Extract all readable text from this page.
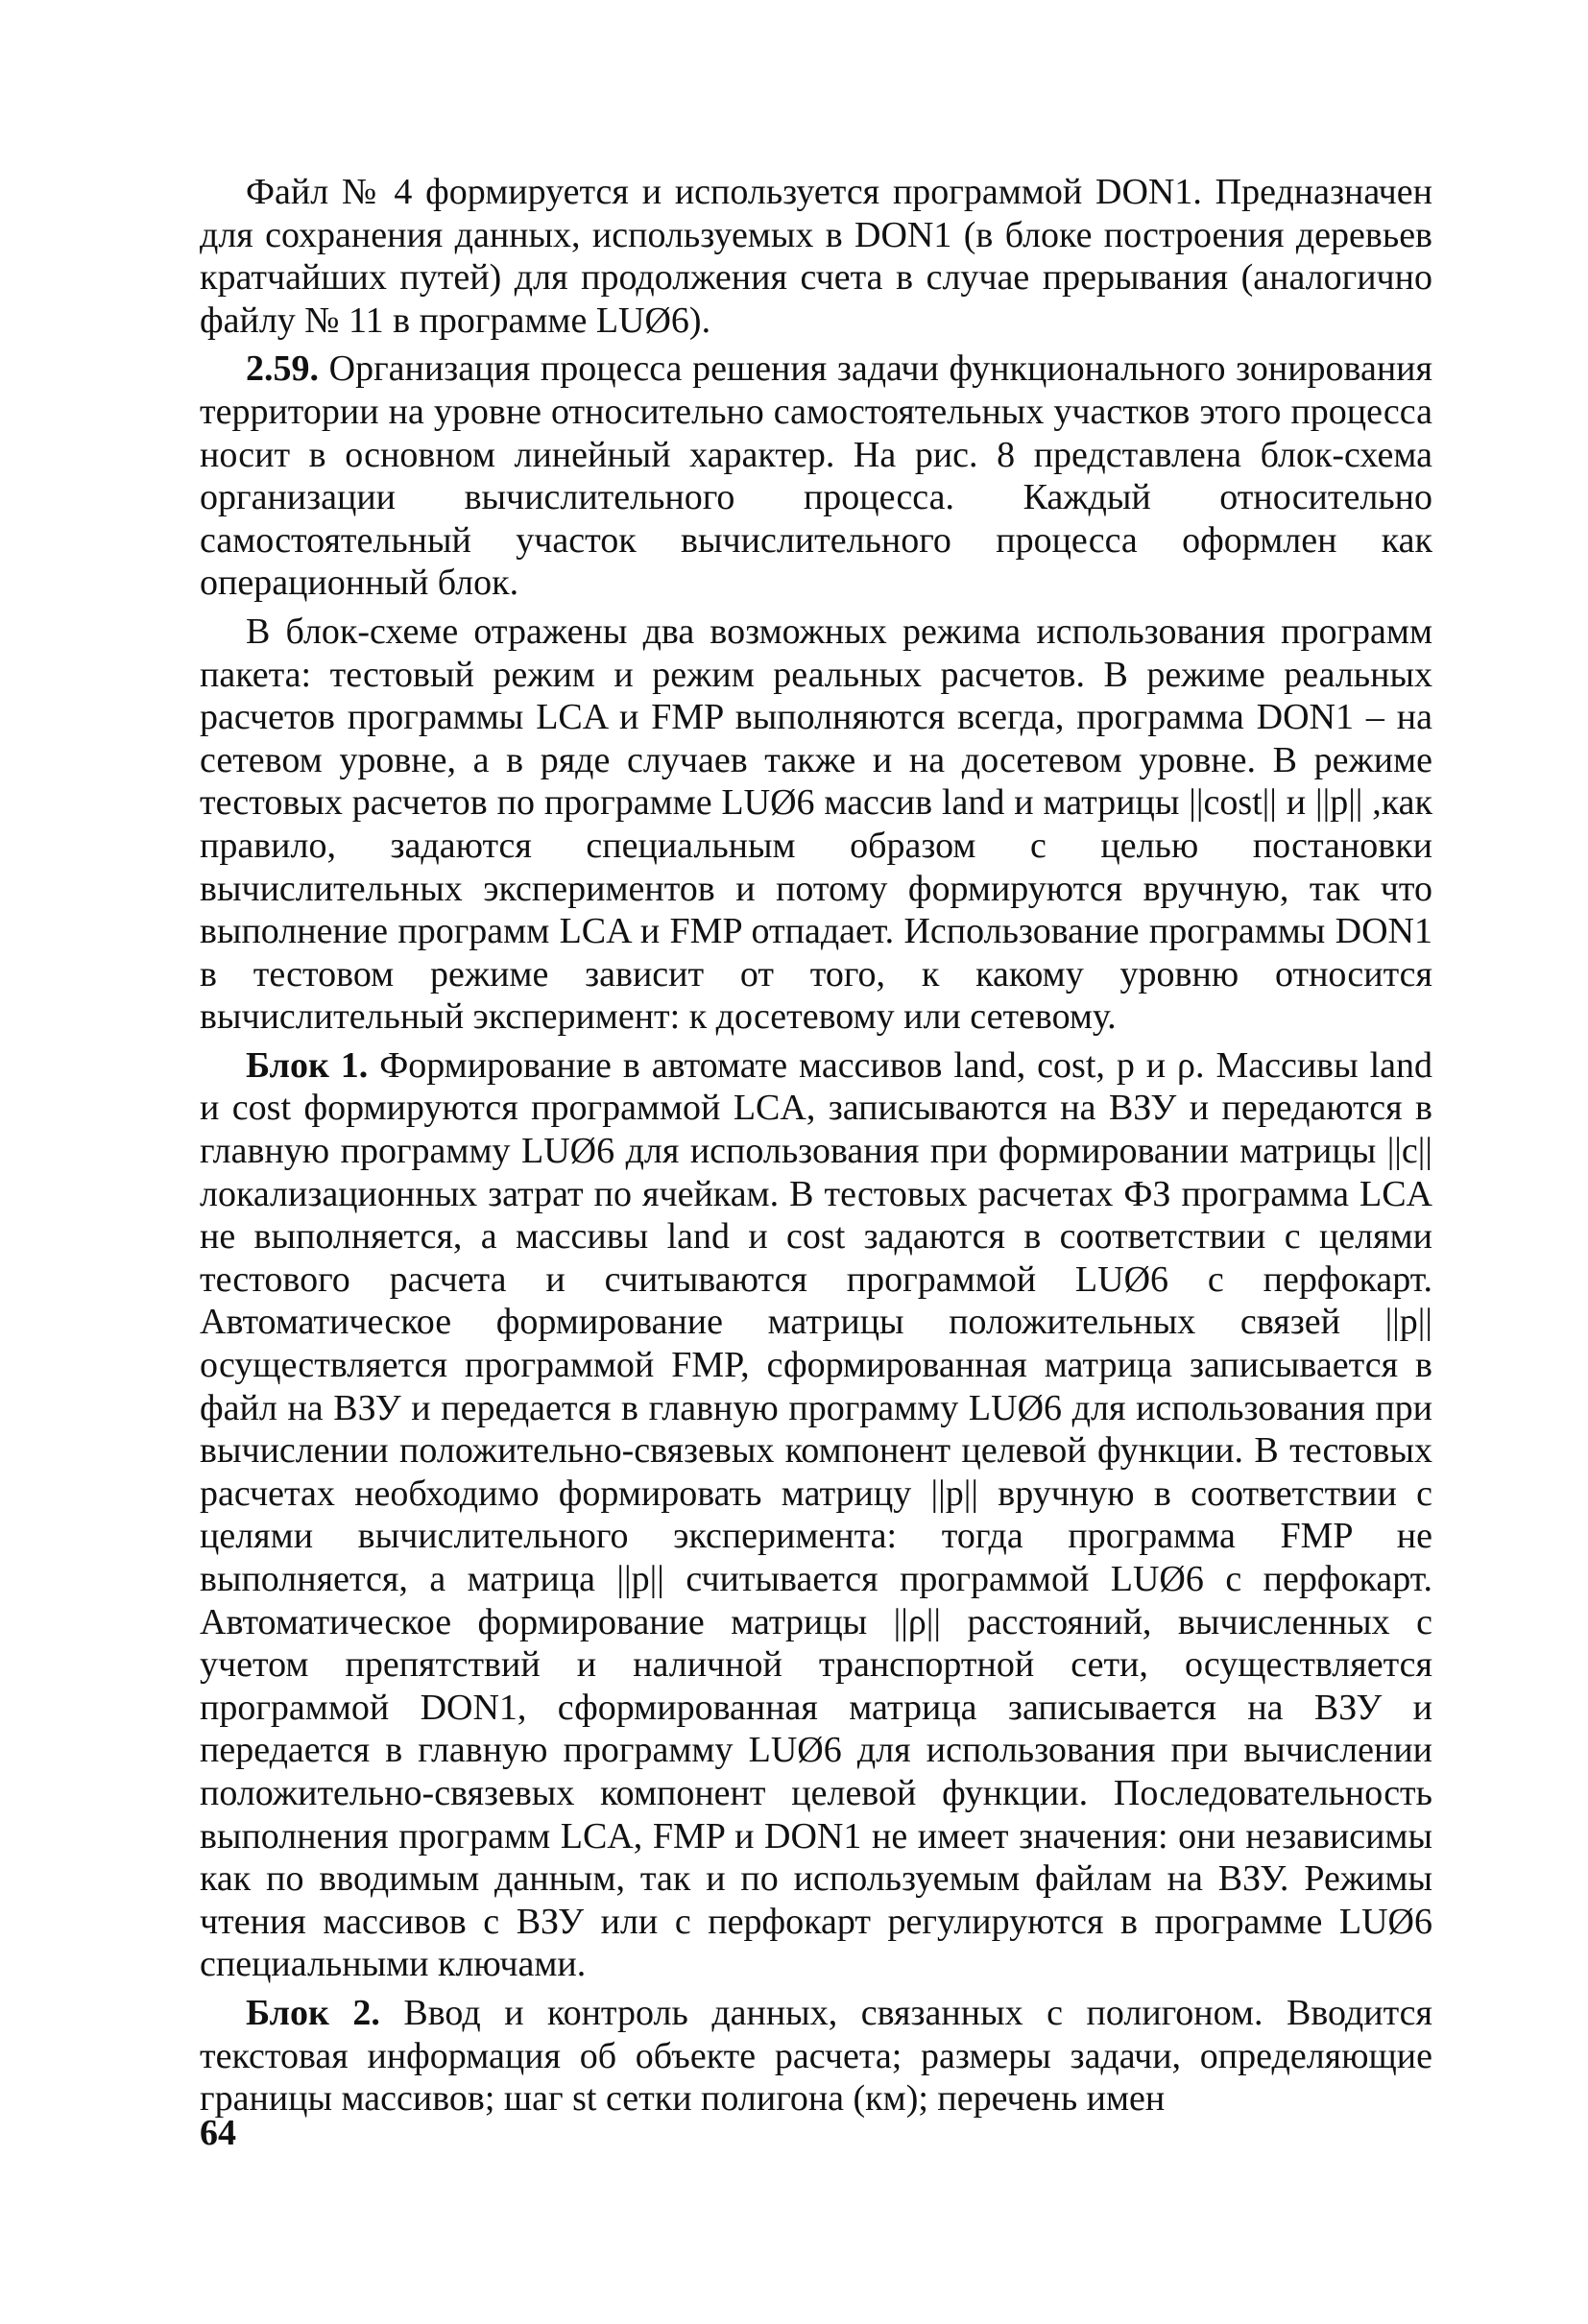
Файл № 4 формируется и используется программой DON1. Предназначен для сохранения данных, используемых в DON1 (в блоке построения деревьев кратчайших путей) для продолжения счета в случае прерывания (аналогично файлу № 11 в программе LUØ6).

2.59. Организация процесса решения задачи функционального зонирования территории на уровне относительно самостоятельных участков этого процесса носит в основном линейный характер. На рис. 8 представлена блок-схема организации вычислительного процесса. Каждый относительно самостоятельный участок вычислительного процесса оформлен как операционный блок.

В блок-схеме отражены два возможных режима использования программ пакета: тестовый режим и режим реальных расчетов. В режиме реальных расчетов программы LCA и FMP выполняются всегда, программа DON1 – на сетевом уровне, а в ряде случаев также и на досетевом уровне. В режиме тестовых расчетов по программе LUØ6 массив land и матрицы ||cost|| и ||p|| ,как правило, задаются специальным образом с целью постановки вычислительных экспериментов и потому формируются вручную, так что выполнение программ LCA и FMP отпадает. Использование программы DON1 в тестовом режиме зависит от того, к какому уровню относится вычислительный эксперимент: к досетевому или сетевому.

Блок 1. Формирование в автомате массивов land, cost, p и ρ. Массивы land и cost формируются программой LCA, записываются на ВЗУ и передаются в главную программу LUØ6 для использования при формировании матрицы ||c|| локализационных затрат по ячейкам. В тестовых расчетах ФЗ программа LCA не выполняется, а массивы land и cost задаются в соответствии с целями тестового расчета и считываются программой LUØ6 с перфокарт. Автоматическое формирование матрицы положительных связей ||p|| осуществляется программой FMP, сформированная матрица записывается в файл на ВЗУ и передается в главную программу LUØ6 для использования при вычислении положительно-связевых компонент целевой функции. В тестовых расчетах необходимо формировать матрицу ||p|| вручную в соответствии с целями вычислительного эксперимента: тогда программа FMP не выполняется, а матрица ||p|| считывается программой LUØ6 с перфокарт. Автоматическое формирование матрицы ||ρ|| расстояний, вычисленных с учетом препятствий и наличной транспортной сети, осуществляется программой DON1, сформированная матрица записывается на ВЗУ и передается в главную программу LUØ6 для использования при вычислении положительно-связевых компонент целевой функции. Последовательность выполнения программ LCA, FMP и DON1 не имеет значения: они независимы как по вводимым данным, так и по используемым файлам на ВЗУ. Режимы чтения массивов с ВЗУ или с перфокарт регулируются в программе LUØ6 специальными ключами.

Блок 2. Ввод и контроль данных, связанных с полигоном. Вводится текстовая информация об объекте расчета; размеры задачи, определяющие границы массивов; шаг st сетки полигона (км); перечень имен

64
